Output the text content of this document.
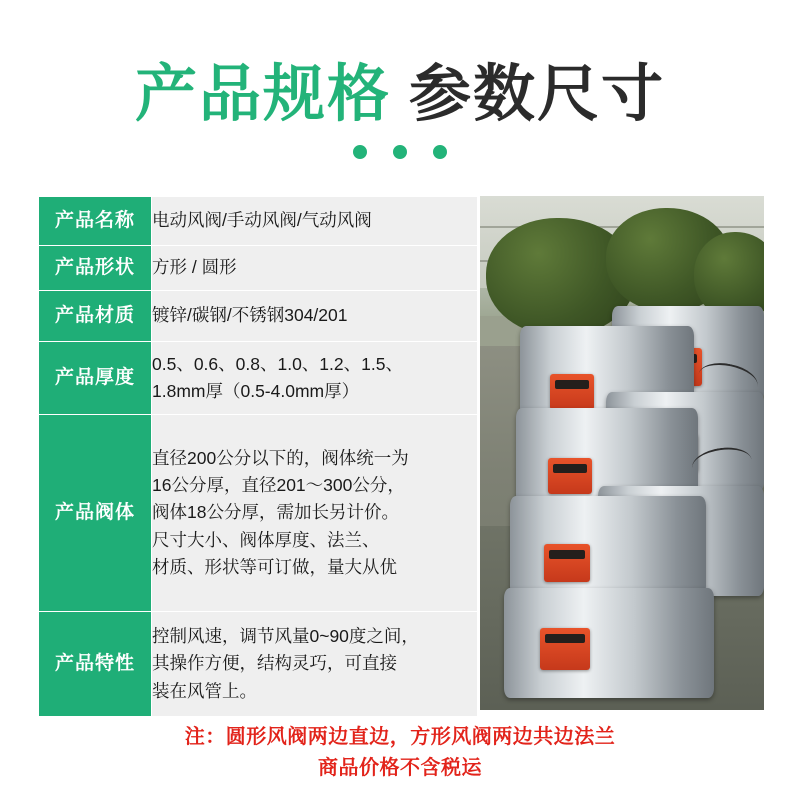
产品规格 参数尺寸
产品名称	电动风阀/手动风阀/气动风阀

产品形状	方形 / 圆形

产品材质	镀锌/碳钢/不锈钢304/201

产品厚度	0.5、0.6、0.8、1.0、1.2、1.5、
1.8mm厚（0.5-4.0mm厚）

产品阀体	直径200公分以下的，阀体统一为
16公分厚，直径201～300公分，
阀体18公分厚，需加长另计价。
尺寸大小、阀体厚度、法兰、
材质、形状等可订做，量大从优

产品特性	控制风速，调节风量0~90度之间，
其操作方便，结构灵巧，可直接
装在风管上。
注：圆形风阀两边直边，方形风阀两边共边法兰
商品价格不含税运
